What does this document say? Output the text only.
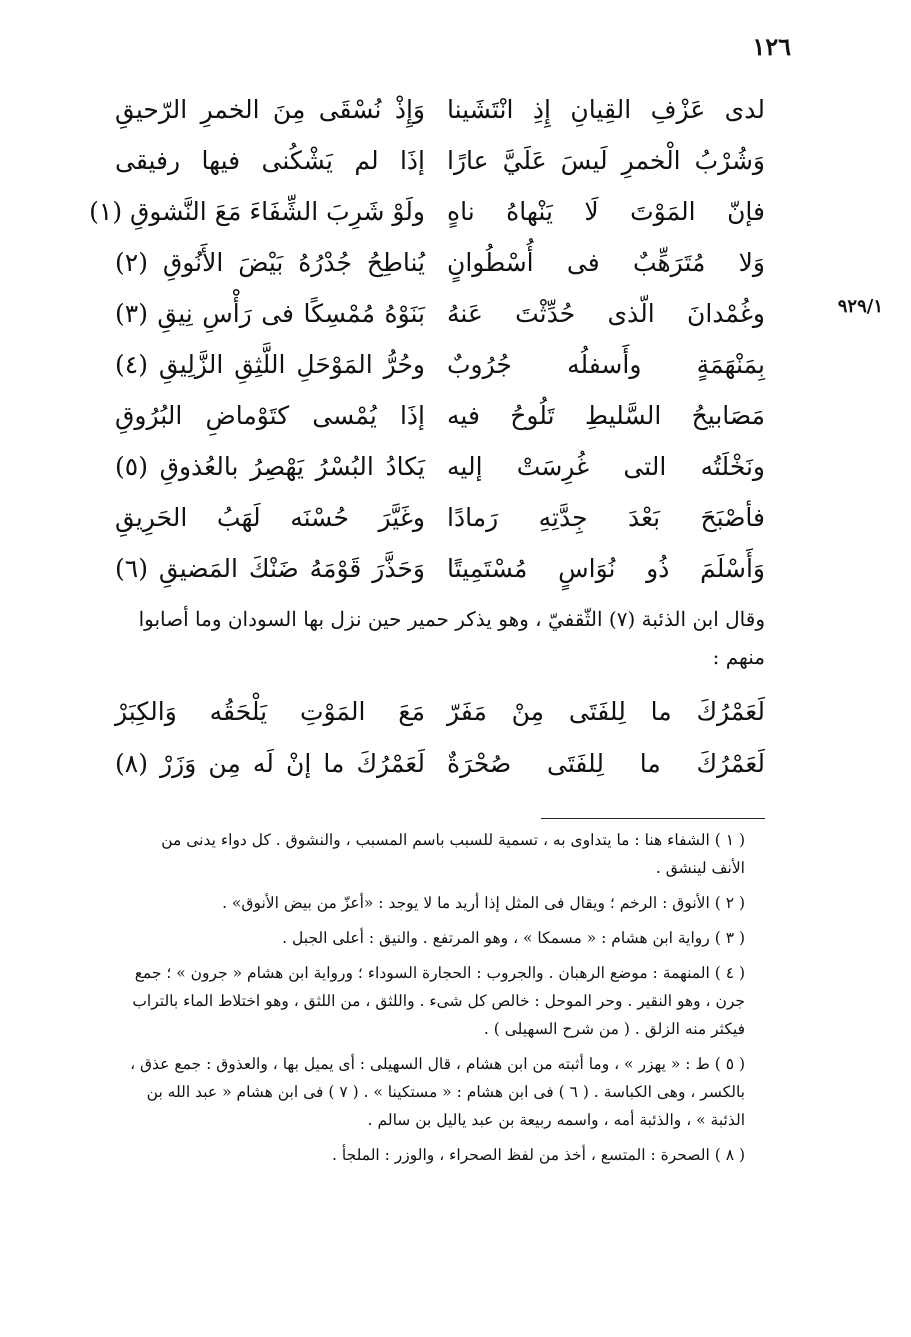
١٢٦
٩٢٩/١
لدى عَزْفِ القِيانِ إِذِ انْتَشَينا
وَإِذْ نُسْقَى مِنَ الخمرِ الرّحيقِ
وَشُرْبُ الْخمرِ لَيسَ عَلَيَّ عارًا
إذَا لم يَشْكُنى فيها رفيقى
فإنّ المَوْتَ لَا يَنْهاهُ ناهٍ
ولَوْ شَرِبَ الشِّفَاءَ مَعَ النَّشوقِ (١)
وَلا مُتَرَهِّبٌ فى أُسْطُوانٍ
يُناطِحُ جُدْرُهُ بَيْضَ الأَنُوقِ (٢)
وغُمْدانَ الّذى حُدِّثْتَ عَنهُ
بَنَوْهُ مُمْسِكًا فى رَأْسِ نِيقِ (٣)
بِمَنْهَمَةٍ وأَسفلُه جُرُوبٌ
وحُرُّ المَوْحَلِ اللَّثِقِ الزَّلِيقِ (٤)
مَصَابيحُ السَّليطِ تَلُوحُ فيه
إذَا يُمْسى كتَوْماضِ البُرُوقِ
ونَخْلَتُه التى غُرِسَتْ إليه
يَكادُ البُسْرُ يَهْصِرُ بالعُذوقِ (٥)
فأصْبَحَ بَعْدَ جِدَّتِهِ رَمادًا
وغَيَّرَ حُسْنَه لَهَبُ الحَرِيقِ
وَأَسْلَمَ ذُو نُوَاسٍ مُسْتَمِيتًا
وَحَذَّرَ قَوْمَهُ ضَنْكَ المَضيقِ (٦)
وقال ابن الذئبة (٧) الثّقفيّ ، وهو يذكر حمير حين نزل بها السودان وما أصابوا منهم :
لَعَمْرُكَ ما لِلفَتَى مِنْ مَفَرّ
مَعَ المَوْتِ يَلْحَقُه وَالكِبَرْ
لَعَمْرُكَ ما لِلفَتَى صُحْرَةٌ
لَعَمْرُكَ ما إنْ لَه مِن وَزَرْ (٨)

( ١ ) الشفاء هنا : ما يتداوى به ، تسمية للسبب باسم المسبب ، والنشوق . كل دواء يدنى من الأنف لينشق .

( ٢ ) الأنوق : الرخم ؛ ويقال فى المثل إذا أريد ما لا يوجد : «أعزّ من بيض الأنوق» .

( ٣ ) رواية ابن هشام : « مسمكا » ، وهو المرتفع . والنيق : أعلى الجبل .

( ٤ ) المنهمة : موضع الرهبان . والجروب : الحجارة السوداء ؛ ورواية ابن هشام « جرون » ؛ جمع جرن ، وهو النقير . وحر الموحل : خالص كل شىء . واللثق ، من اللثق ، وهو اختلاط الماء بالتراب فيكثر منه الزلق . ( من شرح السهيلى ) .

( ٥ ) ط : « يهزر » ، وما أثبته من ابن هشام ، قال السهيلى : أى يميل بها ، والعذوق : جمع عذق ، بالكسر ، وهى الكباسة . ( ٦ ) فى ابن هشام : « مستكينا » . ( ٧ ) فى ابن هشام « عبد الله بن الذئبة » ، والذئبة أمه ، واسمه ربيعة بن عبد ياليل بن سالم .

( ٨ ) الصحرة : المتسع ، أخذ من لفظ الصحراء ، والوزر : الملجأ .
